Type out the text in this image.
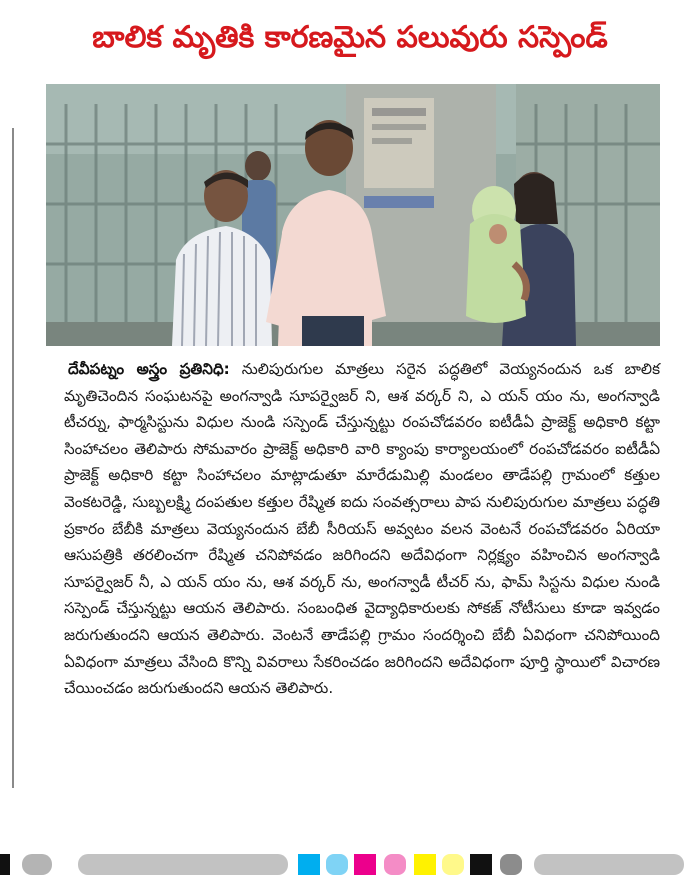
బాలిక మృతికి కారణమైన పలువురు సస్పెండ్
దేవీపట్నం అస్త్రం ప్రతినిధి: నులిపురుగుల మాత్రలు సరైన పద్ధతిలో వెయ్యనందున ఒక బాలిక మృతిచెందిన సంఘటనపై అంగన్వాడి సూపర్వైజర్ ని, ఆశ వర్కర్ ని, ఎ యన్ యం ను, అంగన్వాడి టీచర్ను, ఫార్మసిస్టును విధుల నుండి సస్పెండ్ చేస్తున్నట్టు రంపచోడవరం ఐటీడీఏ ప్రాజెక్ట్ అధికారి కట్టా సింహాచలం తెలిపారు సోమవారం ప్రాజెక్ట్ అధికారి వారి క్యాంపు కార్యాలయంలో రంపచోడవరం ఐటీడీఏ ప్రాజెక్ట్ అధికారి కట్టా సింహాచలం మాట్లాడుతూ మారేడుమిల్లి మండలం తాడేపల్లి గ్రామంలో కత్తుల వెంకటరెడ్డి, సుబ్బలక్ష్మి దంపతుల కత్తుల రేష్మిత ఐదు సంవత్సరాలు పాప నులిపురుగుల మాత్రలు పద్ధతి ప్రకారం బేబీకి మాత్రలు వెయ్యనందున బేబీ సీరియస్ అవ్వటం వలన వెంటనే రంపచోడవరం ఏరియా ఆసుపత్రికి తరలించగా రేష్మిత చనిపోవడం జరిగిందని అదేవిధంగా నిర్లక్ష్యం వహించిన అంగన్వాడి సూపర్వైజర్ నీ, ఎ యన్ యం ను, ఆశ వర్కర్ ను, అంగన్వాడీ టీచర్ ను, ఫామ్ సిస్టను విధుల నుండి సస్పెండ్ చేస్తున్నట్టు ఆయన తెలిపారు. సంబంధిత వైద్యాధికారులకు సోకజ్ నోటీసులు కూడా ఇవ్వడం జరుగుతుందని ఆయన తెలిపారు. వెంటనే తాడేపల్లి గ్రామం సందర్శించి బేబీ ఏవిధంగా చనిపోయింది ఏవిధంగా మాత్రలు వేసింది కొన్ని వివరాలు సేకరించడం జరిగిందని అదేవిధంగా పూర్తి స్థాయిలో విచారణ చేయించడం జరుగుతుందని ఆయన తెలిపారు.
